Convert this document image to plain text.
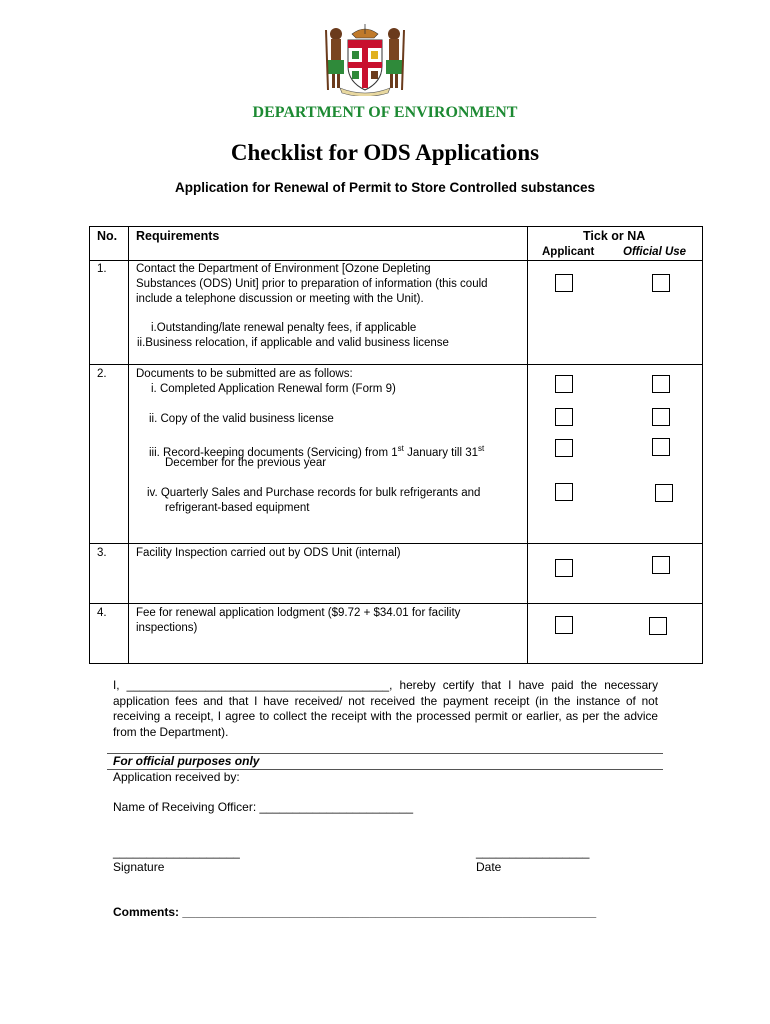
DEPARTMENT OF ENVIRONMENT
Checklist for ODS Applications
Application for Renewal of Permit to Store Controlled substances
No. Requirements	Tick or NA
Applicant Official Use
1.	Contact the Department of Environment [Ozone Depleting
Substances (ODS) Unit] prior to preparation of information (this could
include a telephone discussion or meeting with the Unit).
i.Outstanding/late renewal penalty fees, if applicable
ii.Business relocation, if applicable and valid business license
2.	Documents to be submitted are as follows:
i. Completed Application Renewal form (Form 9)
ii. Copy of the valid business license
iii. Record-keeping documents (Servicing) from 1st January till 31st
December for the previous year
iv. Quarterly Sales and Purchase records for bulk refrigerants and
refrigerant-based equipment
3.	Facility Inspection carried out by ODS Unit (internal)
4.	Fee for renewal application lodgment ($9.72 + $34.01 for facility
inspections)
I, ________________________________________, hereby certify that I have paid the necessary application fees and that I have received/ not received the payment receipt (in the instance of not receiving a receipt, I agree to collect the receipt with the processed permit or earlier, as per the advice from the Department).
For official purposes only
Application received by:
Name of Receiving Officer: _______________________
___________________
Signature
_________________
Date
Comments: ______________________________________________________________
